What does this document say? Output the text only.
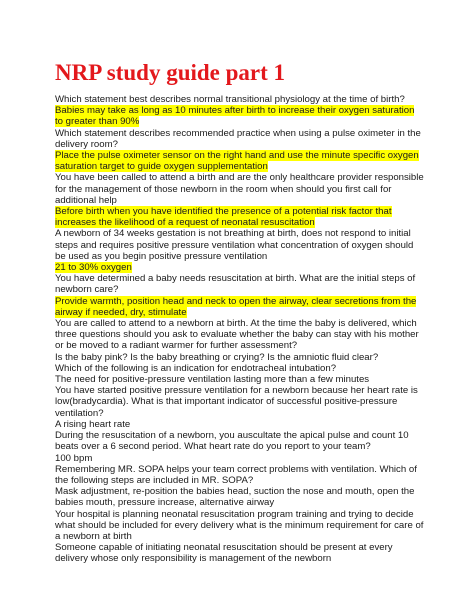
NRP study guide part 1

Which statement best describes normal transitional physiology at the time of birth?

Babies may take as long as 10 minutes after birth to increase their oxygen saturation to greater than 90%

Which statement describes recommended practice when using a pulse oximeter in the delivery room?

Place the pulse oximeter sensor on the right hand and use the minute specific oxygen saturation target to guide oxygen supplementation

You have been called to attend a birth and are the only healthcare provider responsible for the management of those newborn in the room when should you first call for additional help

Before birth when you have identified the presence of a potential risk factor that increases the likelihood of a request of neonatal resuscitation

A newborn of 34 weeks gestation is not breathing at birth, does not respond to initial steps and requires positive pressure ventilation what concentration of oxygen should be used as you begin positive pressure ventilation

21 to 30% oxygen

You have determined a baby needs resuscitation at birth. What are the initial steps of newborn care?

Provide warmth, position head and neck to open the airway, clear secretions from the airway if needed, dry, stimulate

You are called to attend to a newborn at birth. At the time the baby is delivered, which three questions should you ask to evaluate whether the baby can stay with his mother or be moved to a radiant warmer for further assessment?

Is the baby pink? Is the baby breathing or crying? Is the amniotic fluid clear?

Which of the following is an indication for endotracheal intubation?

The need for positive-pressure ventilation lasting more than a few minutes

You have started positive pressure ventilation for a newborn because her heart rate is low(bradycardia). What is that important indicator of successful positive-pressure ventilation?

A rising heart rate

During the resuscitation of a newborn, you auscultate the apical pulse and count 10 beats over a 6 second period. What heart rate do you report to your team?

100 bpm

Remembering MR. SOPA helps your team correct problems with ventilation. Which of the following steps are included in MR. SOPA?

Mask adjustment, re-position the babies head, suction the nose and mouth, open the babies mouth, pressure increase, alternative airway

Your hospital is planning neonatal resuscitation program training and trying to decide what should be included for every delivery what is the minimum requirement for care of a newborn at birth

Someone capable of initiating neonatal resuscitation should be present at every delivery whose only responsibility is management of the newborn
